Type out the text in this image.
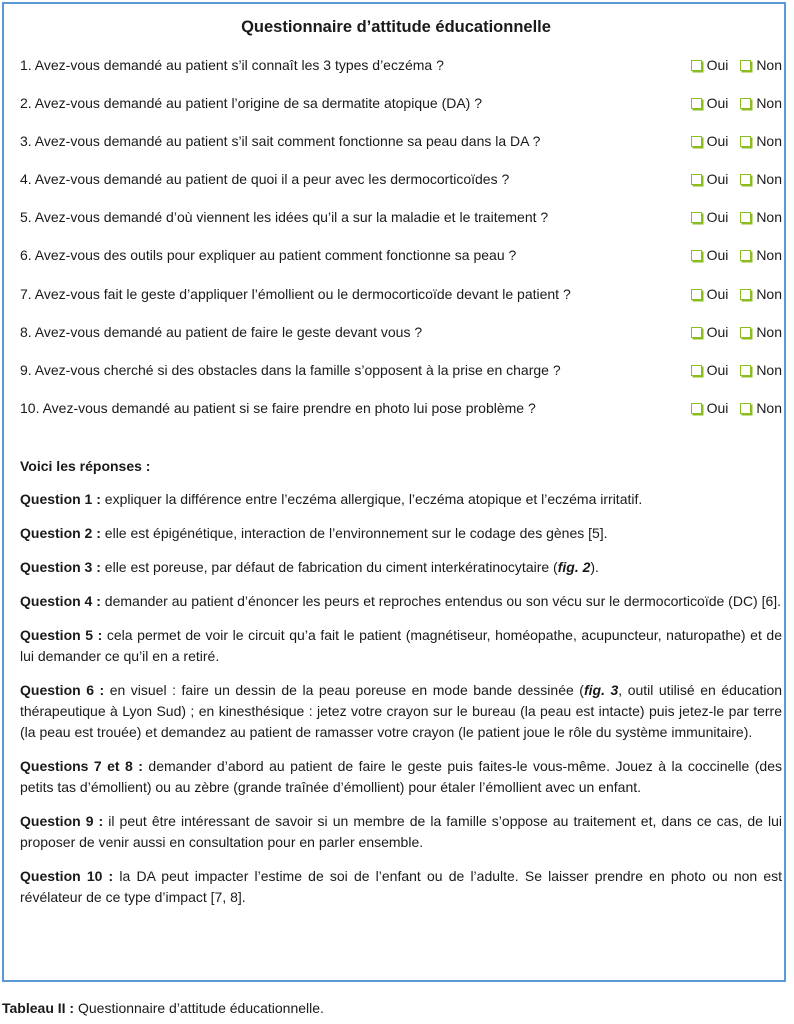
Questionnaire d’attitude éducationnelle
1. Avez-vous demandé au patient s’il connaît les 3 types d’eczéma ?	Oui Non
2. Avez-vous demandé au patient l’origine de sa dermatite atopique (DA) ?	Oui Non
3. Avez-vous demandé au patient s’il sait comment fonctionne sa peau dans la DA ?	Oui Non
4. Avez-vous demandé au patient de quoi il a peur avec les dermocorticoïdes ?	Oui Non
5. Avez-vous demandé d’où viennent les idées qu’il a sur la maladie et le traitement ?	Oui Non
6. Avez-vous des outils pour expliquer au patient comment fonctionne sa peau ?	Oui Non
7. Avez-vous fait le geste d’appliquer l’émollient ou le dermocorticoïde devant le patient ?	Oui Non
8. Avez-vous demandé au patient de faire le geste devant vous ?	Oui Non
9. Avez-vous cherché si des obstacles dans la famille s’opposent à la prise en charge ?	Oui Non
10. Avez-vous demandé au patient si se faire prendre en photo lui pose problème ?	Oui Non
Voici les réponses :
Question 1 : expliquer la différence entre l’eczéma allergique, l’eczéma atopique et l’eczéma irritatif.
Question 2 : elle est épigénétique, interaction de l’environnement sur le codage des gènes [5].
Question 3 : elle est poreuse, par défaut de fabrication du ciment interkératinocytaire (fig. 2).
Question 4 : demander au patient d’énoncer les peurs et reproches entendus ou son vécu sur le dermocorticoïde (DC) [6].
Question 5 : cela permet de voir le circuit qu’a fait le patient (magnétiseur, homéopathe, acupuncteur, naturopathe) et de lui demander ce qu’il en a retiré.
Question 6 : en visuel : faire un dessin de la peau poreuse en mode bande dessinée (fig. 3, outil utilisé en éducation thérapeutique à Lyon Sud) ; en kinesthésique : jetez votre crayon sur le bureau (la peau est intacte) puis jetez-le par terre (la peau est trouée) et demandez au patient de ramasser votre crayon (le patient joue le rôle du système immunitaire).
Questions 7 et 8 : demander d’abord au patient de faire le geste puis faites-le vous-même. Jouez à la coccinelle (des petits tas d’émollient) ou au zèbre (grande traînée d’émollient) pour étaler l’émollient avec un enfant.
Question 9 : il peut être intéressant de savoir si un membre de la famille s’oppose au traitement et, dans ce cas, de lui proposer de venir aussi en consultation pour en parler ensemble.
Question 10 : la DA peut impacter l’estime de soi de l’enfant ou de l’adulte. Se laisser prendre en photo ou non est révélateur de ce type d’impact [7, 8].
Tableau II : Questionnaire d’attitude éducationnelle.
